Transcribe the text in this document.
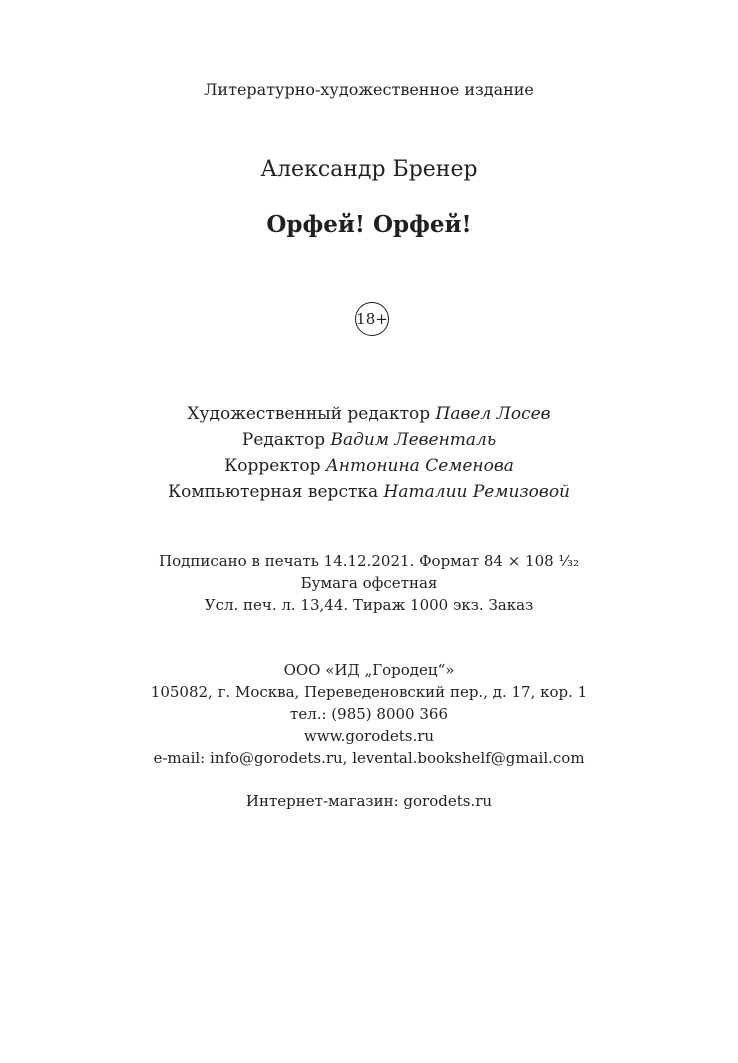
Литературно-художественное издание
Александр Бренер
Орфей! Орфей!
18+
Художественный редактор Павел Лосев
Редактор Вадим Левенталь
Корректор Антонина Семенова
Компьютерная верстка Наталии Ремизовой
Подписано в печать 14.12.2021. Формат 84 × 108 ¹⁄₃₂
Бумага офсетная
Усл. печ. л. 13,44. Тираж 1000 экз. Заказ
ООО «ИД „Городец“»
105082, г. Москва, Переведеновский пер., д. 17, кор. 1
тел.: (985) 8000 366
www.gorodets.ru
e-mail: info@gorodets.ru, levental.bookshelf@gmail.com
Интернет-магазин: gorodets.ru
